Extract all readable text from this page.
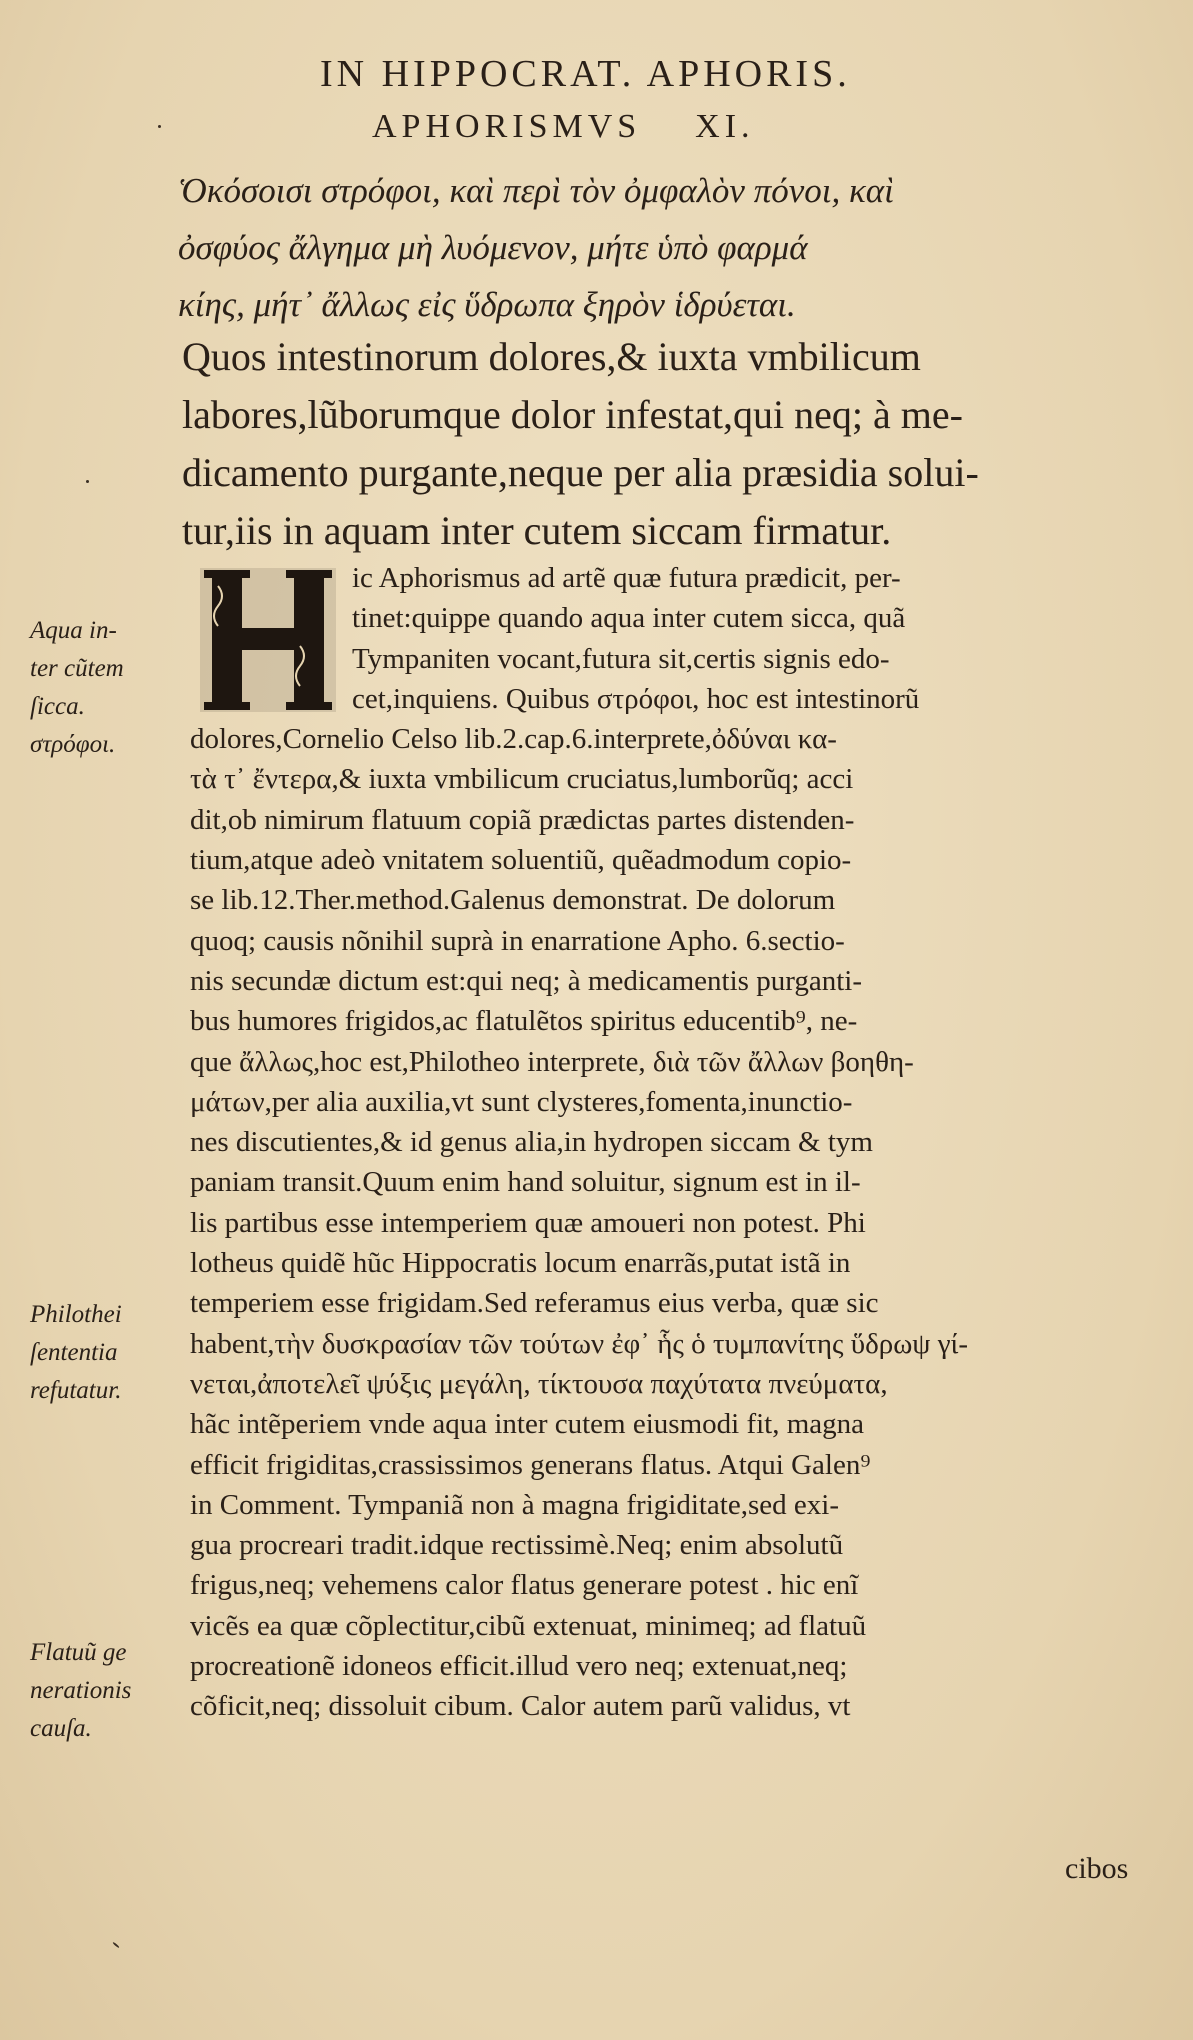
IN HIPPOCRAT. APHORIS.
APHORISMVS    XI.
Ὁκόσοισι στρόφοι, καὶ περὶ τὸν ὀμφαλὸν πόνοι, καὶ
ὀσφύος ἄλγημα μὴ λυόμενον, μήτε ὑπὸ φαρμά
κίης, μήτ᾽ ἄλλως εἰς ὕδρωπα ξηρὸν ἱδρύεται.
Quos intestinorum dolores,& iuxta vmbilicum
labores,lũborumque dolor infestat,qui neq; à me-
dicamento purgante,neque per alia præsidia solui-
tur,iis in aquam inter cutem siccam firmatur.
ic Aphorismus ad artẽ quæ futura prædicit, per-
tinet:quippe quando aqua inter cutem sicca, quã
Tympaniten vocant,futura sit,certis signis edo-
cet,inquiens. Quibus στρόφοι, hoc est intestinorũ
dolores,Cornelio Celso lib.2.cap.6.interprete,ὀδύναι κα-
τὰ τ᾽ ἔντερα,& iuxta vmbilicum cruciatus,lumborũq; acci
dit,ob nimirum flatuum copiã prædictas partes distenden-
tium,atque adeò vnitatem soluentiũ, quẽadmodum copio-
se lib.12.Ther.method.Galenus demonstrat. De dolorum
quoq; causis nõnihil suprà in enarratione Apho. 6.sectio-
nis secundæ dictum est:qui neq; à medicamentis purganti-
bus humores frigidos,ac flatulẽtos spiritus educentib⁹, ne-
que ἄλλως,hoc est,Philotheo interprete, διὰ τῶν ἄλλων βοηθη-
μάτων,per alia auxilia,vt sunt clysteres,fomenta,inunctio-
nes discutientes,& id genus alia,in hydropen siccam & tym
paniam transit.Quum enim hand soluitur, signum est in il-
lis partibus esse intemperiem quæ amoueri non potest. Phi
lotheus quidẽ hũc Hippocratis locum enarrãs,putat istã in
temperiem esse frigidam.Sed referamus eius verba, quæ sic
habent,τὴν δυσκρασίαν τῶν τούτων ἐφ᾽ ἧς ὁ τυμπανίτης ὕδρωψ γί-
νεται,ἀποτελεῖ ψύξις μεγάλη, τίκτουσα παχύτατα πνεύματα,
hãc intẽperiem vnde aqua inter cutem eiusmodi fit, magna
efficit frigiditas,crassissimos generans flatus. Atqui Galen⁹
in Comment. Tympaniã non à magna frigiditate,sed exi-
gua procreari tradit.idque rectissimè.Neq; enim absolutũ
frigus,neq; vehemens calor flatus generare potest . hic enĩ
vicẽs ea quæ cõplectitur,cibũ extenuat, minimeq; ad flatuũ
procreationẽ idoneos efficit.illud vero neq; extenuat,neq;
cõficit,neq; dissoluit cibum. Calor autem parũ validus, vt
Aqua in-
ter cũtem
ſicca.
στρόφοι.
Philothei
ſententia
refutatur.
Flatuũ ge
nerationis
cauſa.
cibos
